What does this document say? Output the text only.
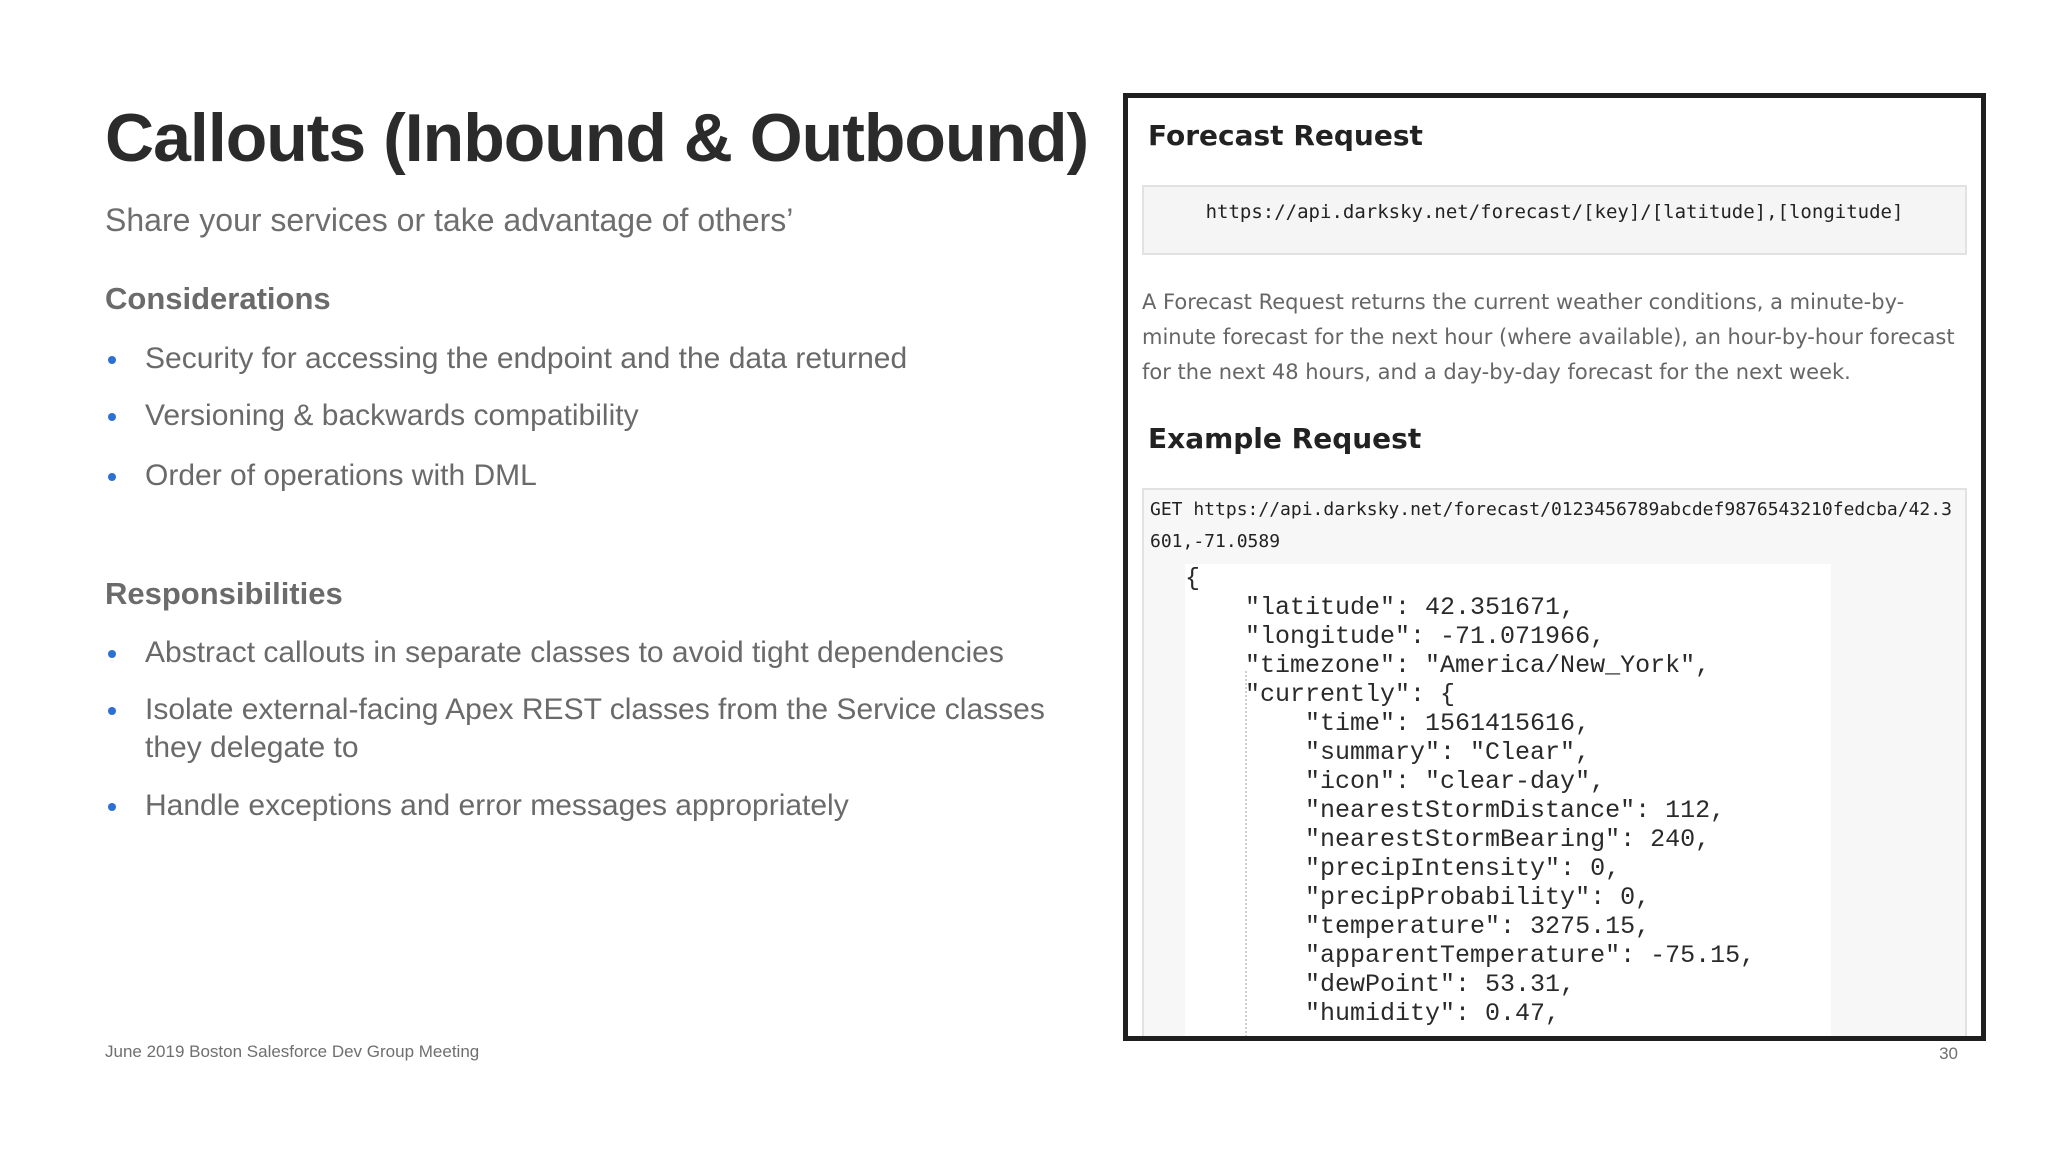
Callouts (Inbound & Outbound)

Share your services or take advantage of others’

Considerations
Security for accessing the endpoint and the data returned
Versioning & backwards compatibility
Order of operations with DML
Responsibilities
Abstract callouts in separate classes to avoid tight dependencies
Isolate external-facing Apex REST classes from the Service classes they delegate to
Handle exceptions and error messages appropriately
June 2019 Boston Salesforce Dev Group Meeting	30
Forecast Request
https://api.darksky.net/forecast/[key]/[latitude],[longitude]

A Forecast Request returns the current weather conditions, a minute-by-minute forecast for the next hour (where available), an hour-by-hour forecast for the next 48 hours, and a day-by-day forecast for the next week.

Example Request

GET https://api.darksky.net/forecast/0123456789abcdef9876543210fedcba/42.3601,-71.0589

{
"latitude": 42.351671,
"longitude": -71.071966,
"timezone": "America/New_York",
"currently": {
"time": 1561415616,
"summary": "Clear",
"icon": "clear-day",
"nearestStormDistance": 112,
"nearestStormBearing": 240,
"precipIntensity": 0,
"precipProbability": 0,
"temperature": 3275.15,
"apparentTemperature": -75.15,
"dewPoint": 53.31,
"humidity": 0.47,
